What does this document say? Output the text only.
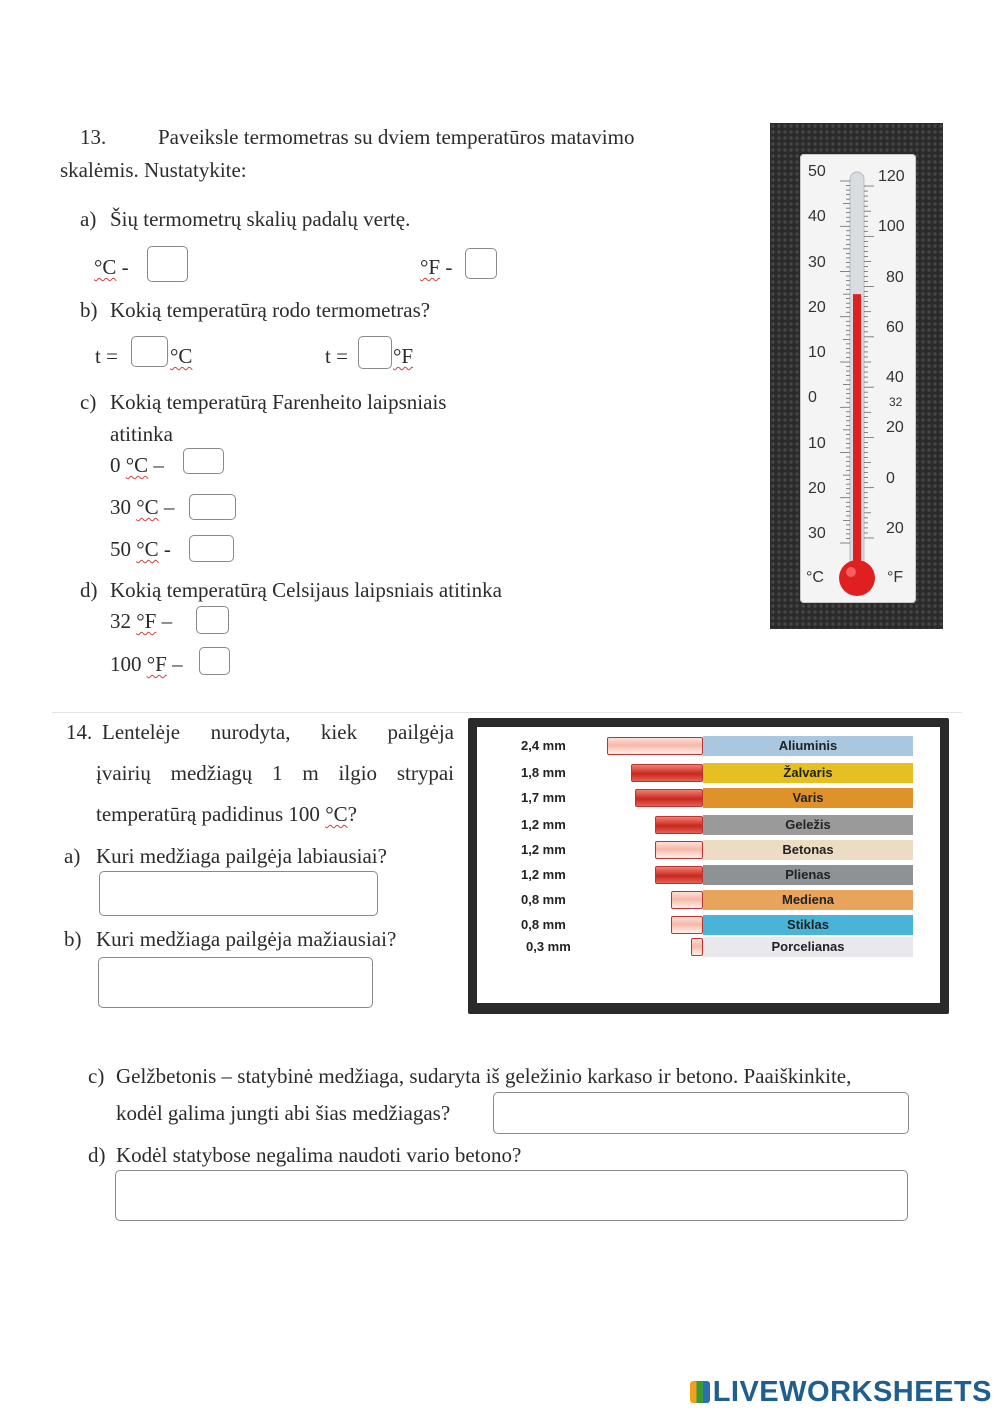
13. Paveiksle termometras su dviem temperatūros matavimo
skalėmis. Nustatykite:
a) Šių termometrų skalių padalų vertę.
°C -	°F -
b) Kokią temperatūrą rodo termometras?
t = °C	t = °F
c) Kokią temperatūrą Farenheito laipsniais
atitinka
0 °C –
30 °C –
50 °C -
d) Kokią temperatūrą Celsijaus laipsniais atitinka
32 °F –
100 °F –
°C	°F
50
40
30
20
10
0
10
20
30
120
100
80
60
40
32
20
0
20
14. Lentelėje nurodyta, kiek pailgėja
įvairių medžiagų 1 m ilgio strypai
temperatūrą padidinus 100 °C?
a) Kuri medžiaga pailgėja labiausiai?
b) Kuri medžiaga pailgėja mažiausiai?
2,4 mm	Aliuminis
1,8 mm	Žalvaris
1,7 mm	Varis
1,2 mm	Geležis
1,2 mm	Betonas
1,2 mm	Plienas
0,8 mm	Mediena
0,8 mm	Stiklas
0,3 mm	Porcelianas
c) Gelžbetonis – statybinė medžiaga, sudaryta iš geležinio karkaso ir betono. Paaiškinkite,
kodėl galima jungti abi šias medžiagas?
d) Kodėl statybose negalima naudoti vario betono?
LIVEWORKSHEETS
